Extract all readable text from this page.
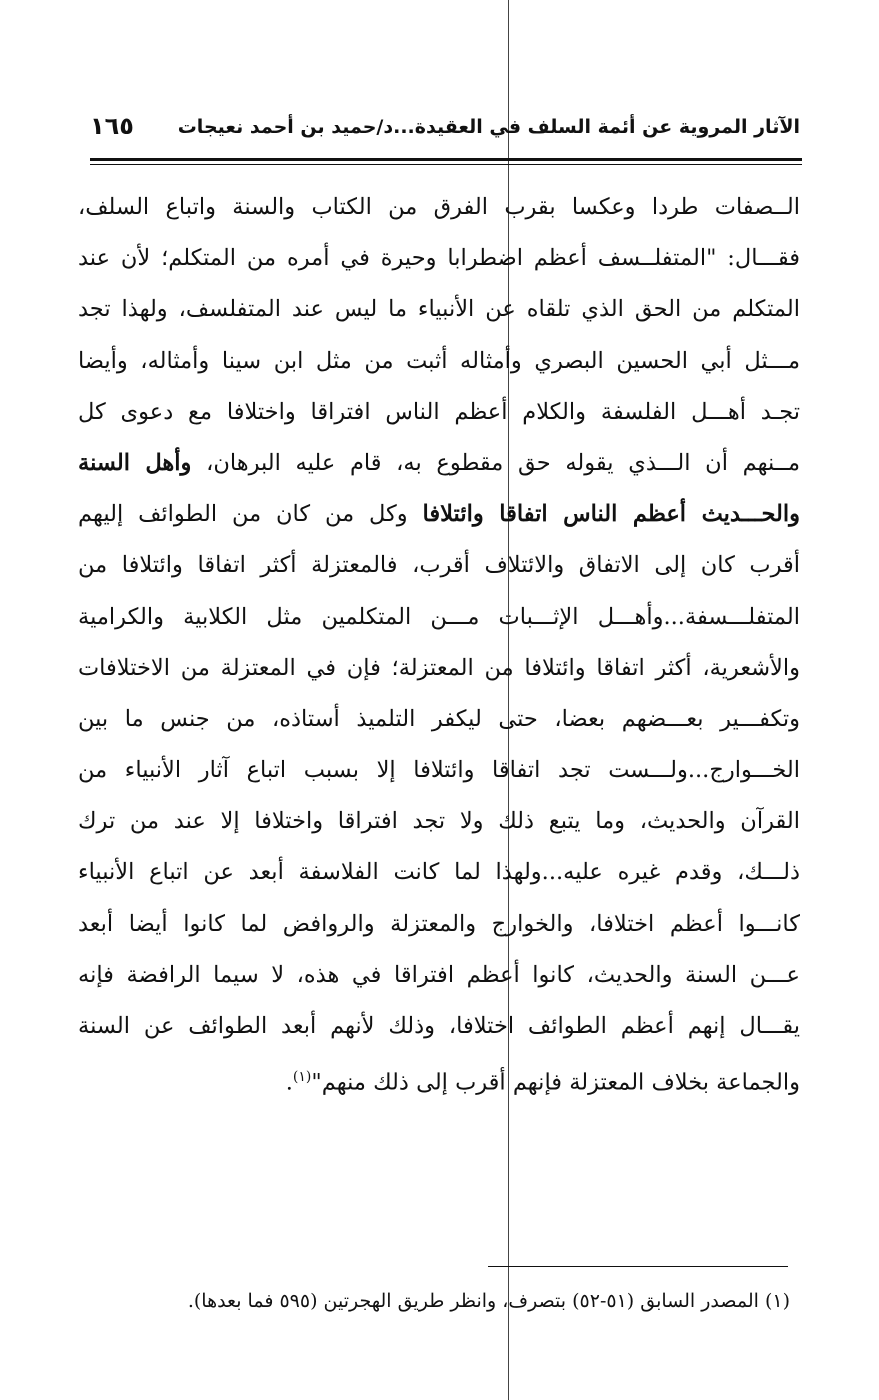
الآثار المروية عن أئمة السلف في العقيدة...د/حميد بن أحمد نعيجات
١٦٥
الــصفات طردا وعكسا بقرب الفرق من الكتاب والسنة واتباع السلف،
فقـــال: "المتفلــسف أعظم اضطرابا وحيرة في أمره من المتكلم؛ لأن عند
المتكلم من الحق الذي تلقاه عن الأنبياء ما ليس عند المتفلسف، ولهذا تجد
مـــثل أبي الحسين البصري وأمثاله أثبت من مثل ابن سينا وأمثاله، وأيضا
تجـد أهـــل الفلسفة والكلام أعظم الناس افتراقا واختلافا مع دعوى كل
مــنهم أن الـــذي يقوله حق مقطوع به، قام عليه البرهان، وأهل السنة
والحـــديث أعظم الناس اتفاقا وائتلافا وكل من كان من الطوائف إليهم
أقرب كان إلى الاتفاق والائتلاف أقرب، فالمعتزلة أكثر اتفاقا وائتلافا من
المتفلـــسفة...وأهـــل الإثـــبات مـــن المتكلمين مثل الكلابية والكرامية
والأشعرية، أكثر اتفاقا وائتلافا من المعتزلة؛ فإن في المعتزلة من الاختلافات
وتكفـــير بعـــضهم بعضا، حتى ليكفر التلميذ أستاذه، من جنس ما بين
الخـــوارج...ولـــست تجد اتفاقا وائتلافا إلا بسبب اتباع آثار الأنبياء من
القرآن والحديث، وما يتبع ذلك ولا تجد افتراقا واختلافا إلا عند من ترك
ذلـــك، وقدم غيره عليه...ولهذا لما كانت الفلاسفة أبعد عن اتباع الأنبياء
كانـــوا أعظم اختلافا، والخوارج والمعتزلة والروافض لما كانوا أيضا أبعد
عـــن السنة والحديث، كانوا أعظم افتراقا في هذه، لا سيما الرافضة فإنه
يقـــال إنهم أعظم الطوائف اختلافا، وذلك لأنهم أبعد الطوائف عن السنة
والجماعة بخلاف المعتزلة فإنهم أقرب إلى ذلك منهم"$^{(١)}$.
(١) المصدر السابق (٥١-٥٢) بتصرف، وانظر طريق الهجرتين (٥٩٥ فما بعدها).
